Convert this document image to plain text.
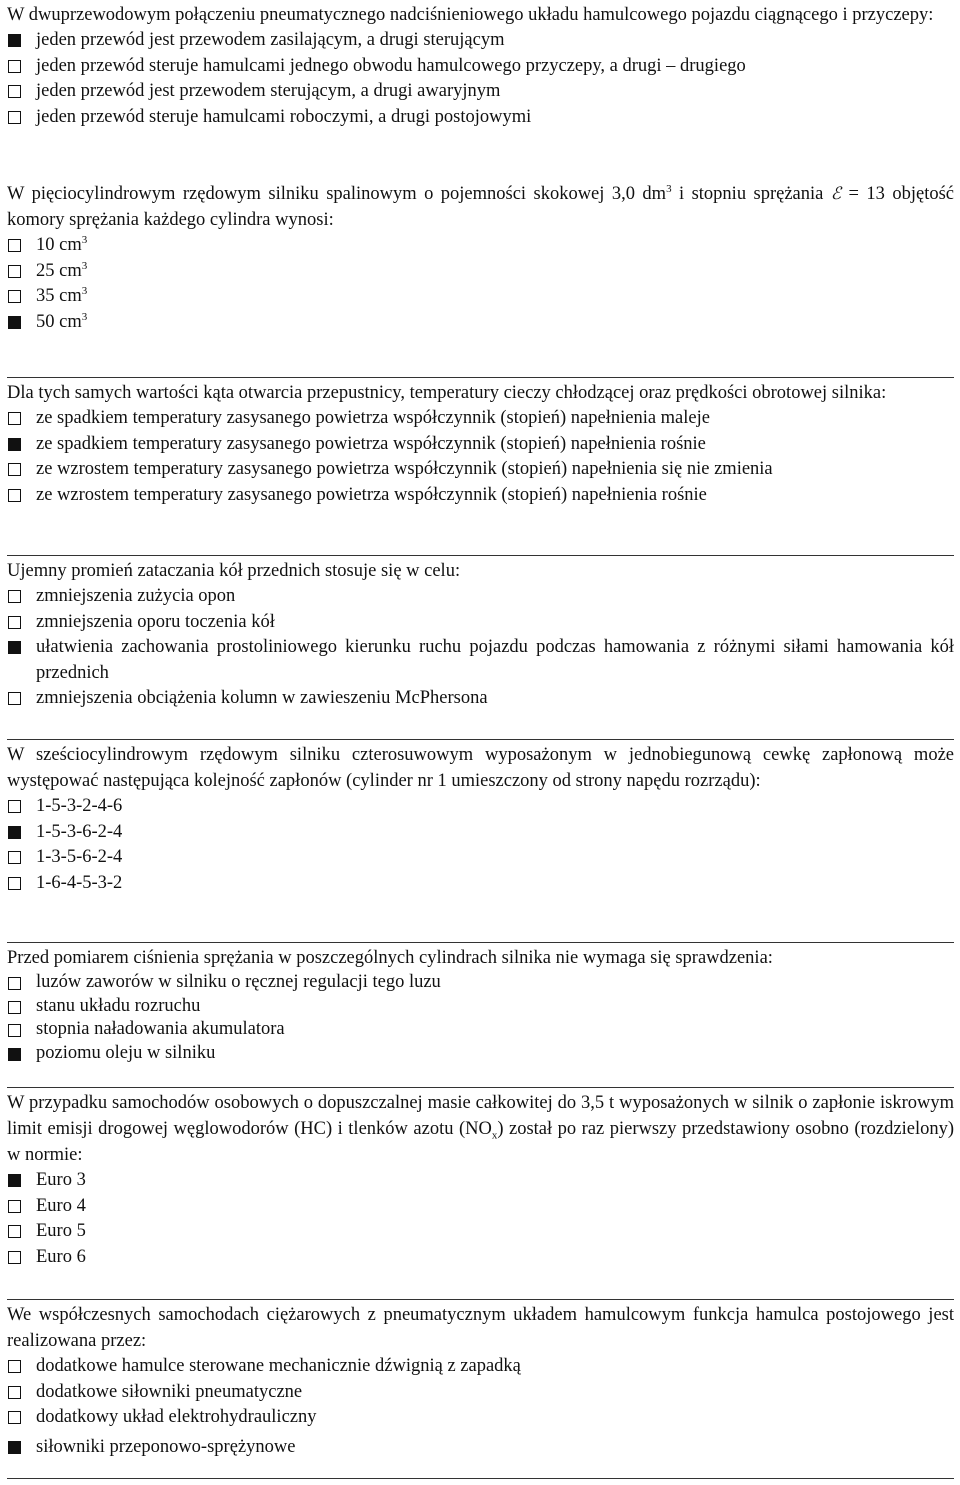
W dwuprzewodowym połączeniu pneumatycznego nadciśnieniowego układu hamulcowego pojazdu ciągnącego i przyczepy:
jeden przewód jest przewodem zasilającym, a drugi sterującym
jeden przewód steruje hamulcami jednego obwodu hamulcowego przyczepy, a drugi – drugiego
jeden przewód jest przewodem sterującym, a drugi awaryjnym
jeden przewód steruje hamulcami roboczymi, a drugi postojowymi
W pięciocylindrowym rzędowym silniku spalinowym o pojemności skokowej 3,0 $dm^3$ i stopniu sprężania ℰ = 13 objętość komory sprężania każdego cylindra wynosi:
10 $cm^3$
25 $cm^3$
35 $cm^3$
50 $cm^3$
Dla tych samych wartości kąta otwarcia przepustnicy, temperatury cieczy chłodzącej oraz prędkości obrotowej silnika:
ze spadkiem temperatury zasysanego powietrza współczynnik (stopień) napełnienia maleje
ze spadkiem temperatury zasysanego powietrza współczynnik (stopień) napełnienia rośnie
ze wzrostem temperatury zasysanego powietrza współczynnik (stopień) napełnienia się nie zmienia
ze wzrostem temperatury zasysanego powietrza współczynnik (stopień) napełnienia rośnie
Ujemny promień zataczania kół przednich stosuje się w celu:
zmniejszenia zużycia opon
zmniejszenia oporu toczenia kół
ułatwienia zachowania prostoliniowego kierunku ruchu pojazdu podczas hamowania z różnymi siłami hamowania kół przednich
zmniejszenia obciążenia kolumn w zawieszeniu McPhersona
W sześciocylindrowym rzędowym silniku czterosuwowym wyposażonym w jednobiegunową cewkę zapłonową może występować następująca kolejność zapłonów (cylinder nr 1 umieszczony od strony napędu rozrządu):
1-5-3-2-4-6
1-5-3-6-2-4
1-3-5-6-2-4
1-6-4-5-3-2
Przed pomiarem ciśnienia sprężania w poszczególnych cylindrach silnika nie wymaga się sprawdzenia:
luzów zaworów w silniku o ręcznej regulacji tego luzu
stanu układu rozruchu
stopnia naładowania akumulatora
poziomu oleju w silniku
W przypadku samochodów osobowych o dopuszczalnej masie całkowitej do 3,5 t wyposażonych w silnik o zapłonie iskrowym limit emisji drogowej węglowodorów (HC) i tlenków azotu $(NO_x)$ został po raz pierwszy przedstawiony osobno (rozdzielony) w normie:
Euro 3
Euro 4
Euro 5
Euro 6
We współczesnych samochodach ciężarowych z pneumatycznym układem hamulcowym funkcja hamulca postojowego jest realizowana przez:
dodatkowe hamulce sterowane mechanicznie dźwignią z zapadką
dodatkowe siłowniki pneumatyczne
dodatkowy układ elektrohydrauliczny
siłowniki przeponowo-sprężynowe
